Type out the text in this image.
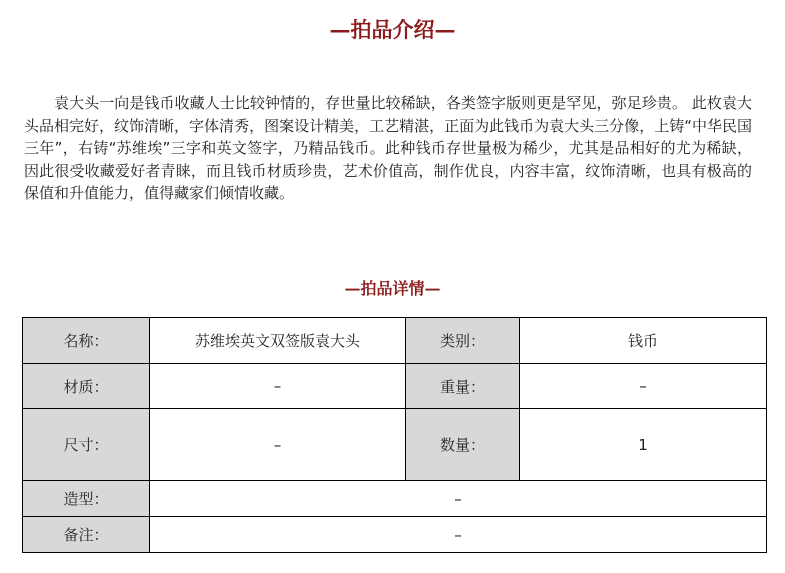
—拍品介绍—

袁大头一向是钱币收藏人士比较钟情的，存世量比较稀缺，各类签字版则更是罕见，弥足珍贵。 此枚袁大头品相完好，纹饰清晰，字体清秀，图案设计精美，工艺精湛，正面为此钱币为袁大头三分像，上铸“中华民国三年”，右铸“苏维埃”三字和英文签字，乃精品钱币。此种钱币存世量极为稀少，尤其是品相好的尤为稀缺，因此很受收藏爱好者青睐，而且钱币材质珍贵，艺术价值高，制作优良，内容丰富，纹饰清晰，也具有极高的保值和升值能力，值得藏家们倾情收藏。

—拍品详情—
名称：	苏维埃英文双签版袁大头	类别：	钱币
材质：	–	重量：	–
尺寸：	–	数量：	1
造型：	–		
备注：	–		
